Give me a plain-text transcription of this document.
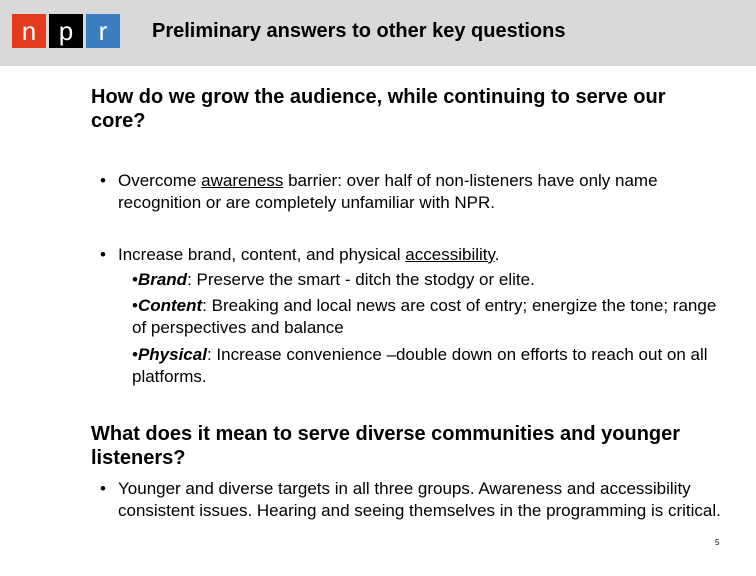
n p r	Preliminary answers to other key questions
How do we grow the audience, while continuing to serve our core?
• Overcome awareness barrier: over half of non-listeners have only name recognition or are completely unfamiliar with NPR.
• Increase brand, content, and physical accessibility.
•Brand: Preserve the smart - ditch the stodgy or elite.
•Content: Breaking and local news are cost of entry; energize the tone; range of perspectives and balance
•Physical: Increase convenience –double down on efforts to reach out on all platforms.
What does it mean to serve diverse communities and younger listeners?
• Younger and diverse targets in all three groups. Awareness and accessibility consistent issues. Hearing and seeing themselves in the programming is critical.
5
